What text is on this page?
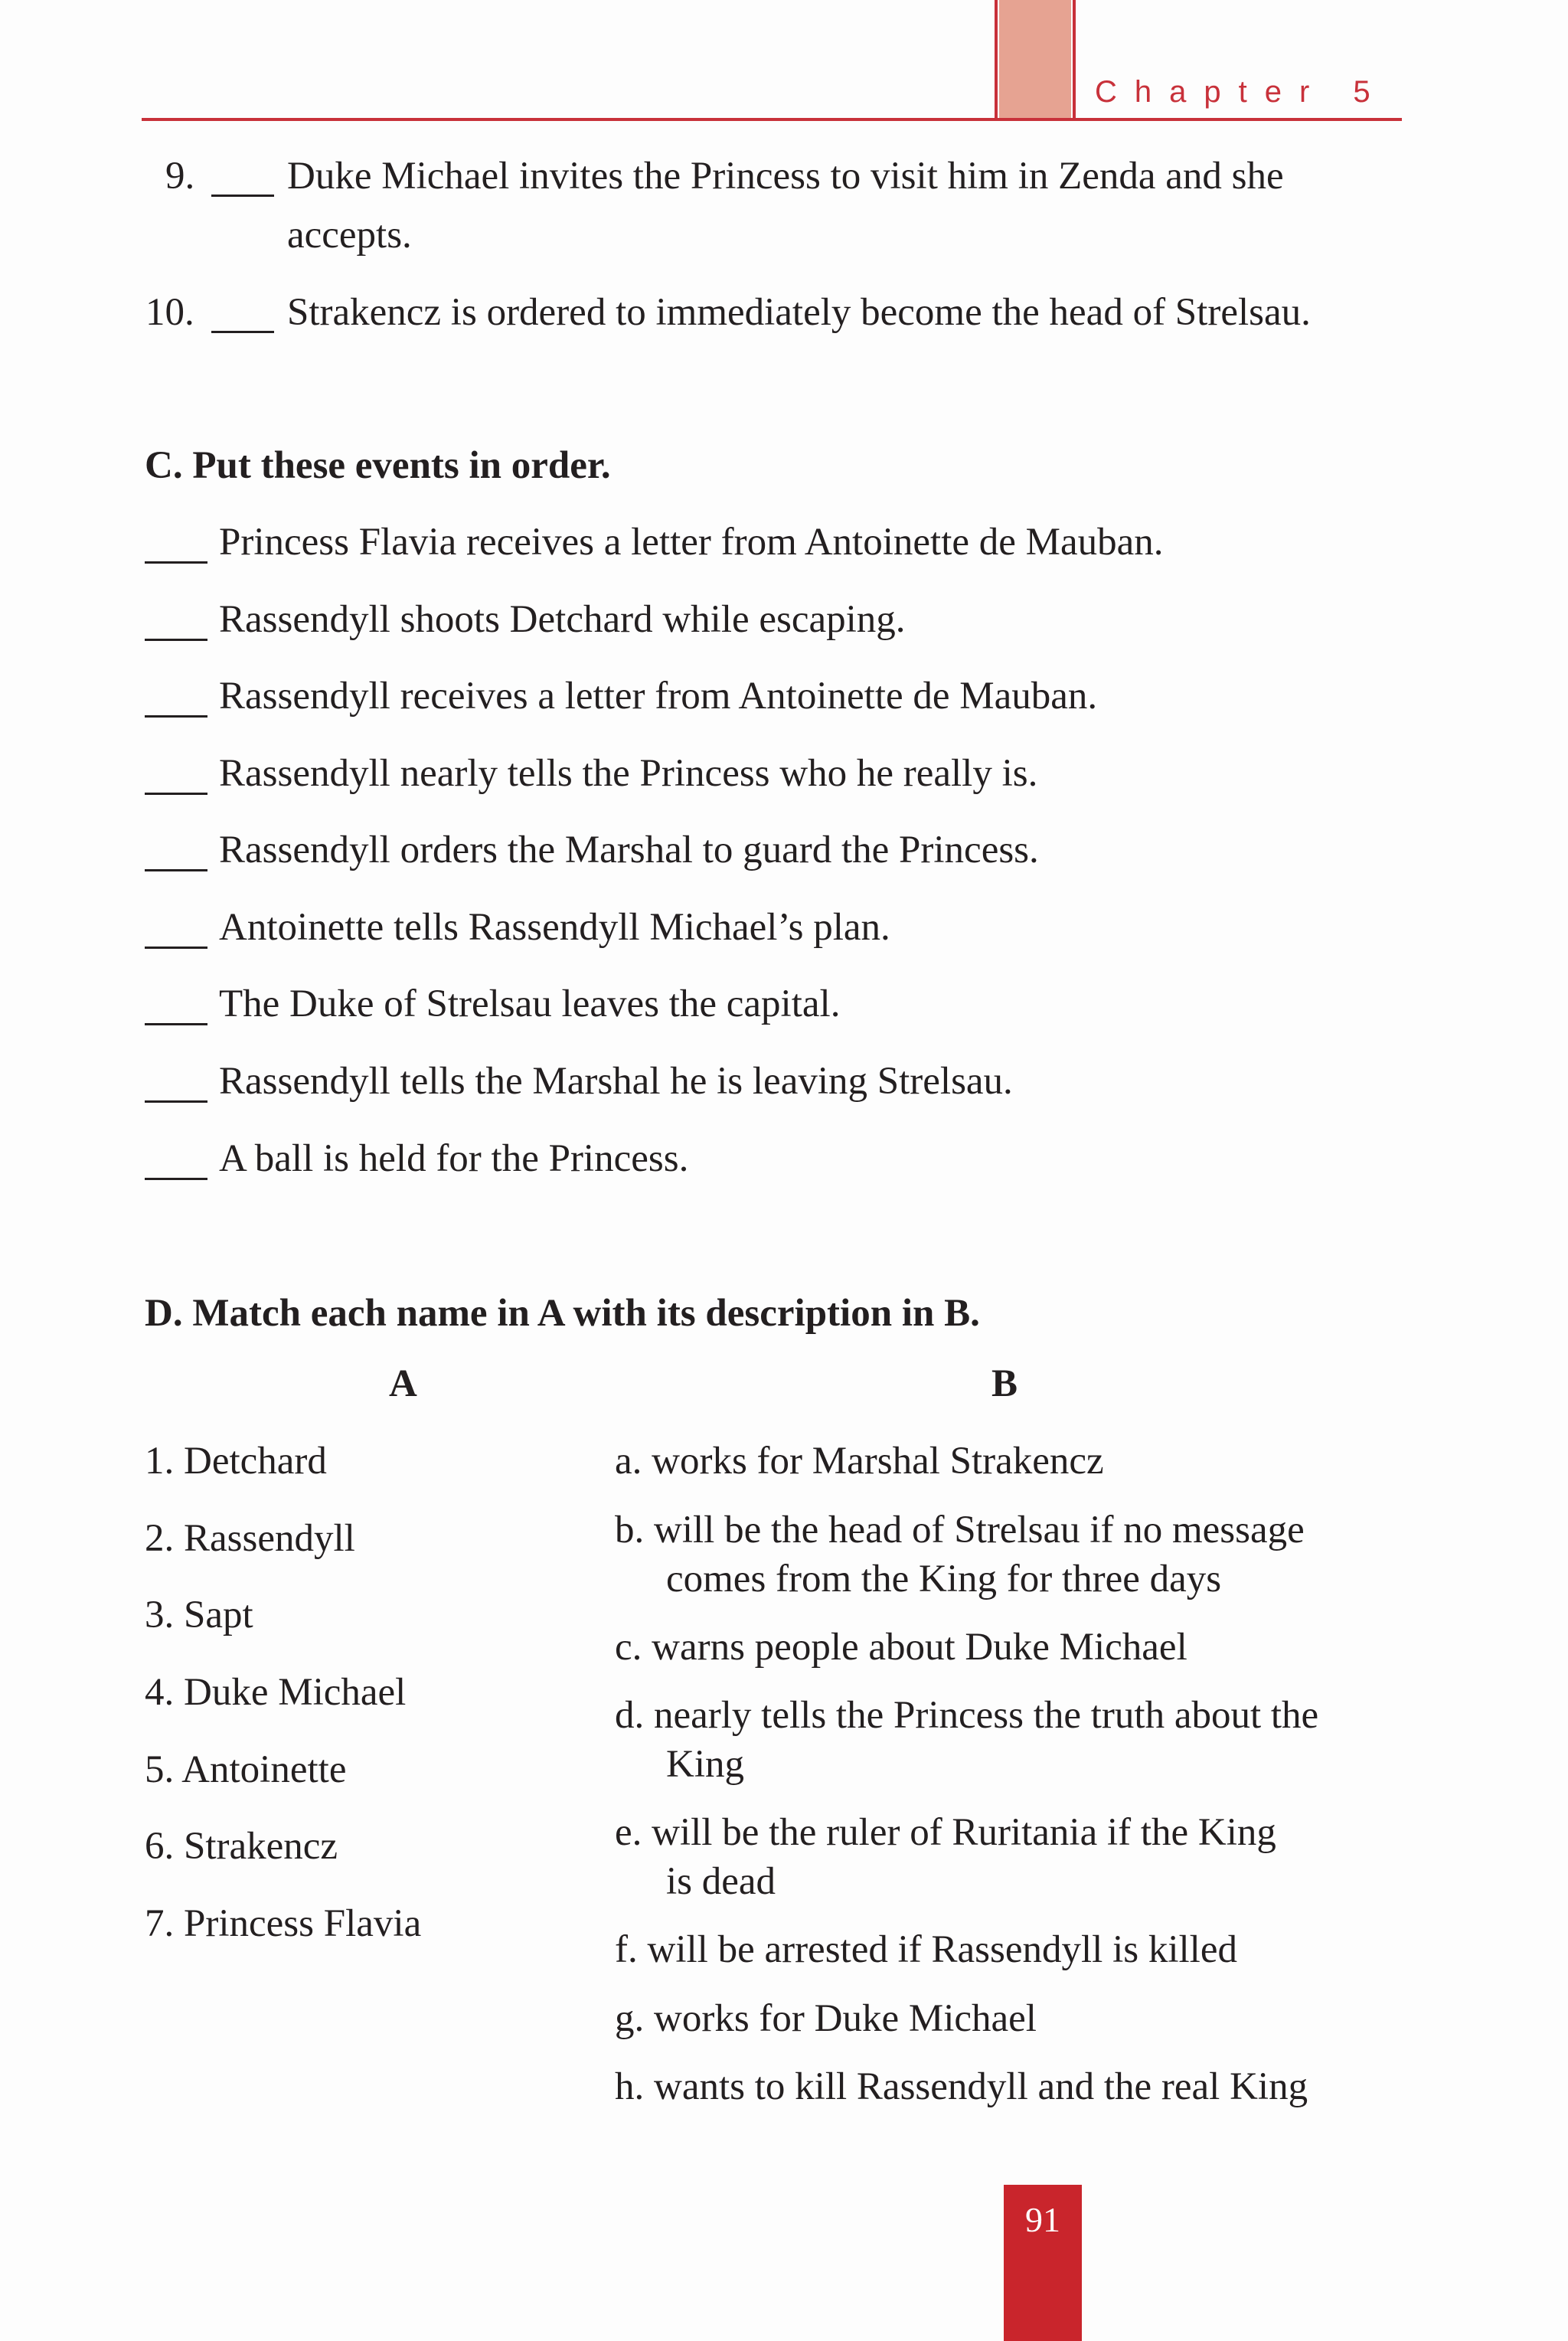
Chapter 5
9. Duke Michael invites the Princess to visit him in Zenda and she
accepts.
10. Strakencz is ordered to immediately become the head of Strelsau.
C. Put these events in order.
Princess Flavia receives a letter from Antoinette de Mauban.
Rassendyll shoots Detchard while escaping.
Rassendyll receives a letter from Antoinette de Mauban.
Rassendyll nearly tells the Princess who he really is.
Rassendyll orders the Marshal to guard the Princess.
Antoinette tells Rassendyll Michael’s plan.
The Duke of Strelsau leaves the capital.
Rassendyll tells the Marshal he is leaving Strelsau.
A ball is held for the Princess.
D. Match each name in A with its description in B.
A	B
1. Detchard
2. Rassendyll
3. Sapt
4. Duke Michael
5. Antoinette
6. Strakencz
7. Princess Flavia
a. works for Marshal Strakencz
b. will be the head of Strelsau if no message
comes from the King for three days
c. warns people about Duke Michael
d. nearly tells the Princess the truth about the
King
e. will be the ruler of Ruritania if the King
is dead
f. will be arrested if Rassendyll is killed
g. works for Duke Michael
h. wants to kill Rassendyll and the real King
91
